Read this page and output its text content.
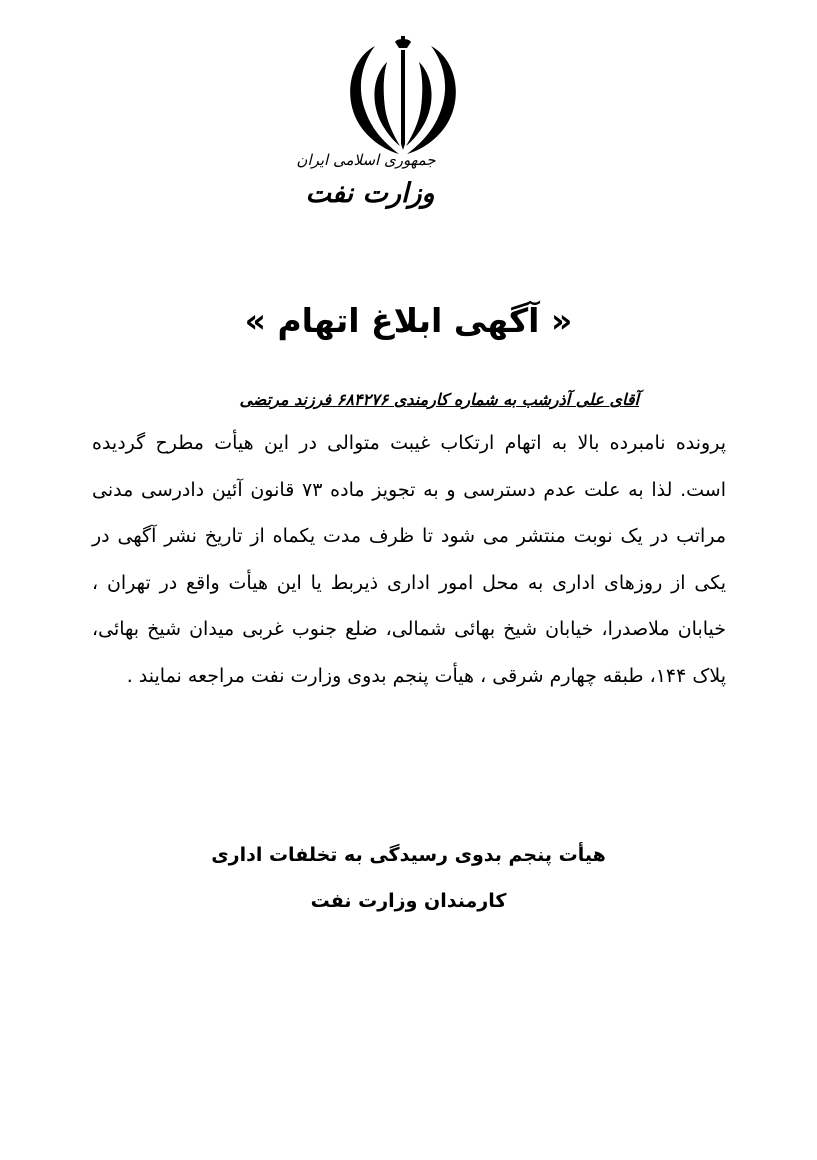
جمهوری اسلامی ایران
وزارت نفت
« آگهی ابلاغ اتهام »
آقای علی آذرشب به شماره کارمندی ۶۸۴۲۷۶ فرزند مرتضی

پرونده نامبرده بالا به اتهام ارتکاب غیبت متوالی در این هیأت مطرح گردیده است. لذا به علت عدم دسترسی و به تجویز ماده ۷۳ قانون آئین دادرسی مدنی مراتب در یک نوبت منتشر می شود تا ظرف مدت یکماه از تاریخ نشر آگهی در یکی از روزهای اداری به محل امور اداری ذیربط یا این هیأت واقع در تهران ، خیابان ملاصدرا، خیابان شیخ بهائی شمالی، ضلع جنوب غربی میدان شیخ بهائی، پلاک ۱۴۴، طبقه چهارم شرقی ، هیأت پنجم بدوی وزارت نفت مراجعه نمایند .

هیأت پنجم بدوی رسیدگی به تخلفات اداری
کارمندان وزارت نفت
